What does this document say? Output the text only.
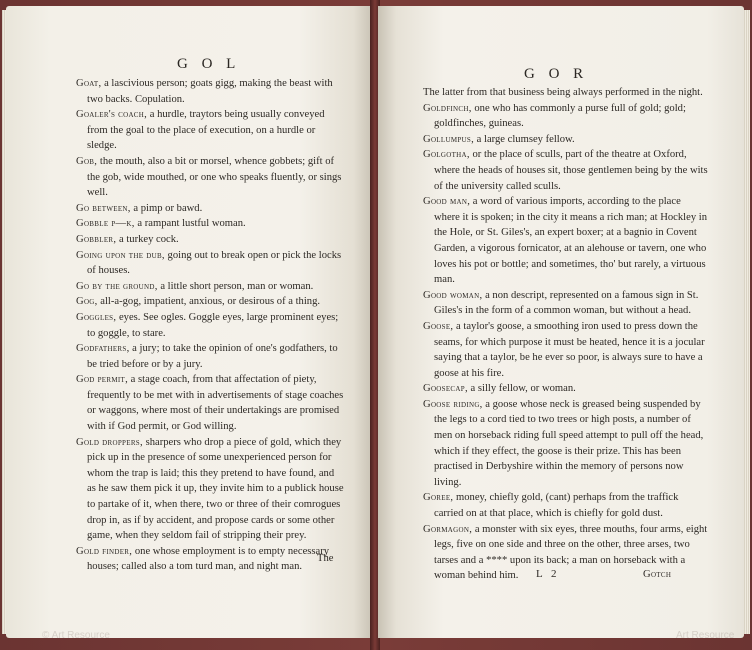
G O L

Goat, a lascivious person; goats gigg, making the beast with two backs. Copulation.

Goaler's coach, a hurdle, traytors being usually conveyed from the goal to the place of execution, on a hurdle or sledge.

Gob, the mouth, also a bit or morsel, whence gobbets; gift of the gob, wide mouthed, or one who speaks fluently, or sings well.

Go between, a pimp or bawd.

Gobble p—k, a rampant lustful woman.

Gobbler, a turkey cock.

Going upon the dub, going out to break open or pick the locks of houses.

Go by the ground, a little short person, man or woman.

Gog, all-a-gog, impatient, anxious, or desirous of a thing.

Goggles, eyes. See ogles. Goggle eyes, large prominent eyes; to goggle, to stare.

Godfathers, a jury; to take the opinion of one's godfathers, to be tried before or by a jury.

God permit, a stage coach, from that affectation of piety, frequently to be met with in advertisements of stage coaches or waggons, where most of their undertakings are promised with if God permit, or God willing.

Gold droppers, sharpers who drop a piece of gold, which they pick up in the presence of some unexperienced person for whom the trap is laid; this they pretend to have found, and as he saw them pick it up, they invite him to a publick house to partake of it, when there, two or three of their comrogues drop in, as if by accident, and propose cards or some other game, when they seldom fail of stripping their prey.

Gold finder, one whose employment is to empty necessary houses; called also a tom turd man, and night man.

The
© Art Resource
G O R

The latter from that business being always performed in the night.

Goldfinch, one who has commonly a purse full of gold; gold; goldfinches, guineas.

Gollumpus, a large clumsey fellow.

Golgotha, or the place of sculls, part of the theatre at Oxford, where the heads of houses sit, those gentlemen being by the wits of the university called sculls.

Good man, a word of various imports, according to the place where it is spoken; in the city it means a rich man; at Hockley in the Hole, or St. Giles's, an expert boxer; at a bagnio in Covent Garden, a vigorous fornicator, at an alehouse or tavern, one who loves his pot or bottle; and sometimes, tho' but rarely, a virtuous man.

Good woman, a non descript, represented on a famous sign in St. Giles's in the form of a common woman, but without a head.

Goose, a taylor's goose, a smoothing iron used to press down the seams, for which purpose it must be heated, hence it is a jocular saying that a taylor, be he ever so poor, is always sure to have a goose at his fire.

Goosecap, a silly fellow, or woman.

Goose riding, a goose whose neck is greased being suspended by the legs to a cord tied to two trees or high posts, a number of men on horseback riding full speed attempt to pull off the head, which if they effect, the goose is their prize. This has been practised in Derbyshire within the memory of persons now living.

Goree, money, chiefly gold, (cant) perhaps from the traffick carried on at that place, which is chiefly for gold dust.

Gormagon, a monster with six eyes, three mouths, four arms, eight legs, five on one side and three on the other, three arses, two tarses and a **** upon its back; a man on horseback with a woman behind him.	L 2	Gotch
Art Resource
